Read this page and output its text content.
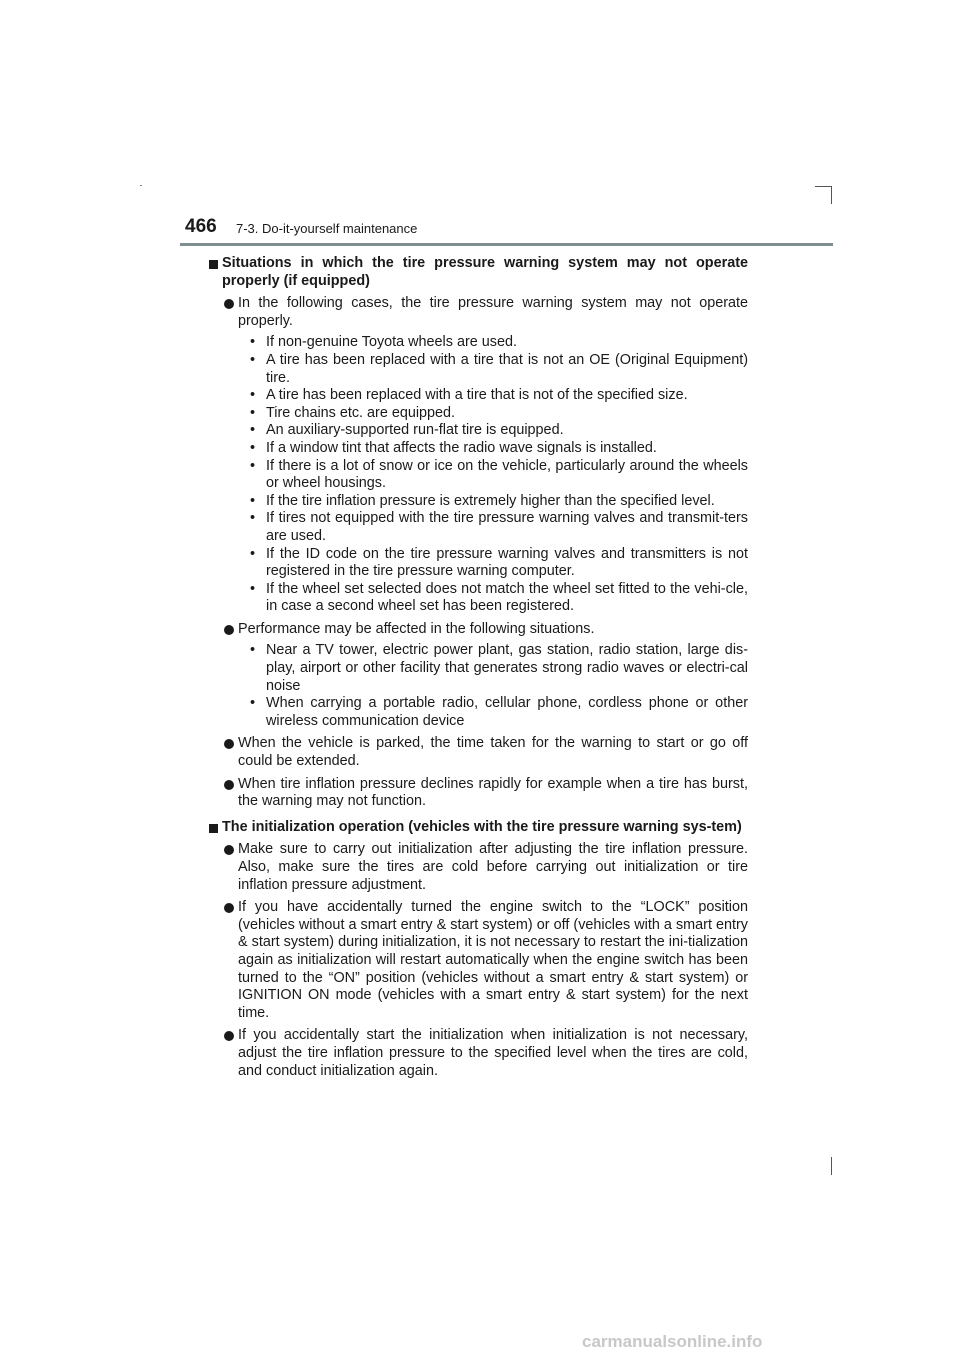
466 7-3. Do-it-yourself maintenance
Situations in which the tire pressure warning system may not operate properly (if equipped)
In the following cases, the tire pressure warning system may not operate properly.
• If non-genuine Toyota wheels are used.
• A tire has been replaced with a tire that is not an OE (Original Equipment) tire.
• A tire has been replaced with a tire that is not of the specified size.
• Tire chains etc. are equipped.
• An auxiliary-supported run-flat tire is equipped.
• If a window tint that affects the radio wave signals is installed.
• If there is a lot of snow or ice on the vehicle, particularly around the wheels or wheel housings.
• If the tire inflation pressure is extremely higher than the specified level.
• If tires not equipped with the tire pressure warning valves and transmit-ters are used.
• If the ID code on the tire pressure warning valves and transmitters is not registered in the tire pressure warning computer.
• If the wheel set selected does not match the wheel set fitted to the vehi-cle, in case a second wheel set has been registered.
Performance may be affected in the following situations.
• Near a TV tower, electric power plant, gas station, radio station, large dis-play, airport or other facility that generates strong radio waves or electri-cal noise
• When carrying a portable radio, cellular phone, cordless phone or other wireless communication device
When the vehicle is parked, the time taken for the warning to start or go off could be extended.
When tire inflation pressure declines rapidly for example when a tire has burst, the warning may not function.
The initialization operation (vehicles with the tire pressure warning sys-tem)
Make sure to carry out initialization after adjusting the tire inflation pressure. Also, make sure the tires are cold before carrying out initialization or tire inflation pressure adjustment.
If you have accidentally turned the engine switch to the “LOCK” position (vehicles without a smart entry & start system) or off (vehicles with a smart entry & start system) during initialization, it is not necessary to restart the ini-tialization again as initialization will restart automatically when the engine switch has been turned to the “ON” position (vehicles without a smart entry & start system) or IGNITION ON mode (vehicles with a smart entry & start system) for the next time.
If you accidentally start the initialization when initialization is not necessary, adjust the tire inflation pressure to the specified level when the tires are cold, and conduct initialization again.
carmanualsonline.info
